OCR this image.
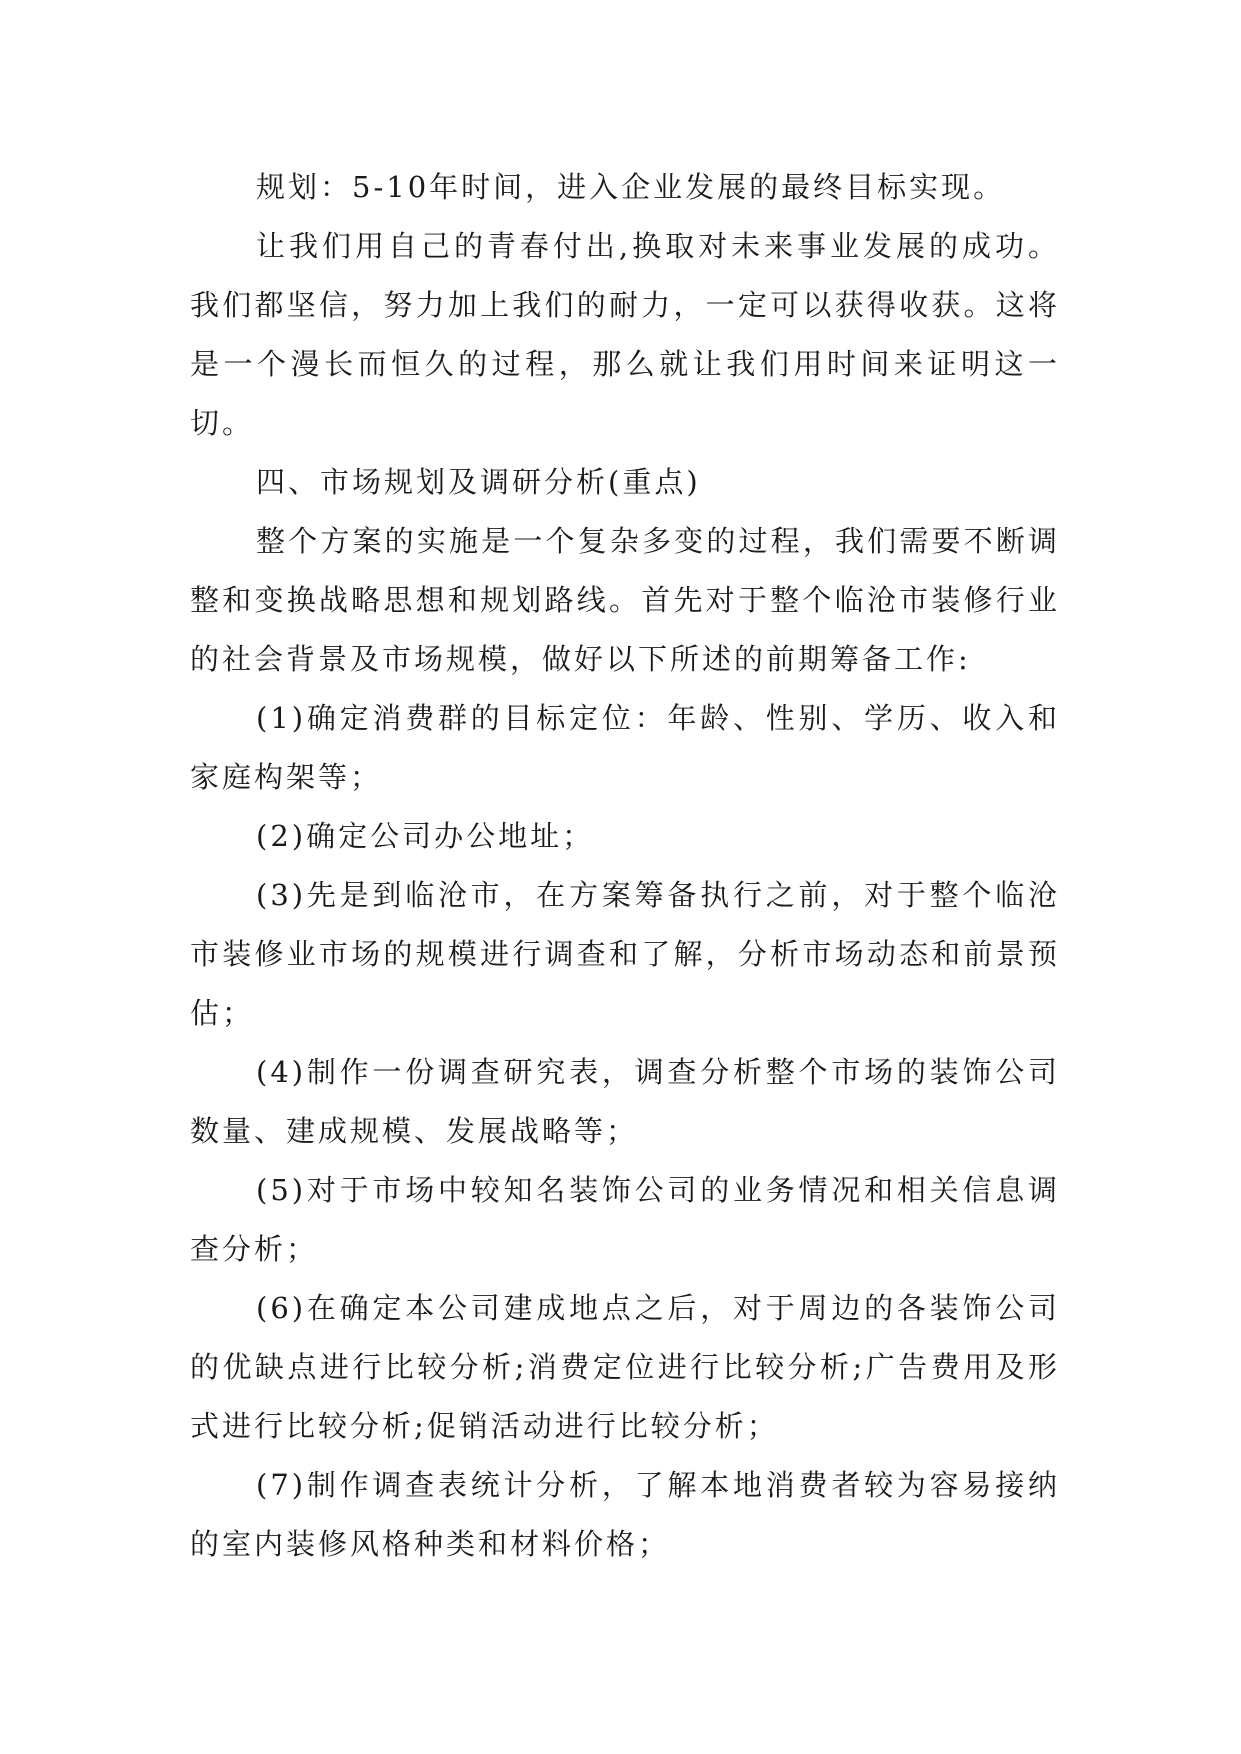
规划：5-10年时间，进入企业发展的最终目标实现。

让我们用自己的青春付出,换取对未来事业发展的成功。我们都坚信，努力加上我们的耐力，一定可以获得收获。这将是一个漫长而恒久的过程，那么就让我们用时间来证明这一切。

四、市场规划及调研分析(重点)

整个方案的实施是一个复杂多变的过程，我们需要不断调整和变换战略思想和规划路线。首先对于整个临沧市装修行业的社会背景及市场规模，做好以下所述的前期筹备工作:

(1)确定消费群的目标定位：年龄、性别、学历、收入和家庭构架等；

(2)确定公司办公地址；

(3)先是到临沧市，在方案筹备执行之前，对于整个临沧市装修业市场的规模进行调查和了解，分析市场动态和前景预估；

(4)制作一份调查研究表，调查分析整个市场的装饰公司数量、建成规模、发展战略等；

(5)对于市场中较知名装饰公司的业务情况和相关信息调查分析；

(6)在确定本公司建成地点之后，对于周边的各装饰公司的优缺点进行比较分析;消费定位进行比较分析;广告费用及形式进行比较分析;促销活动进行比较分析；

(7)制作调查表统计分析，了解本地消费者较为容易接纳的室内装修风格种类和材料价格；
